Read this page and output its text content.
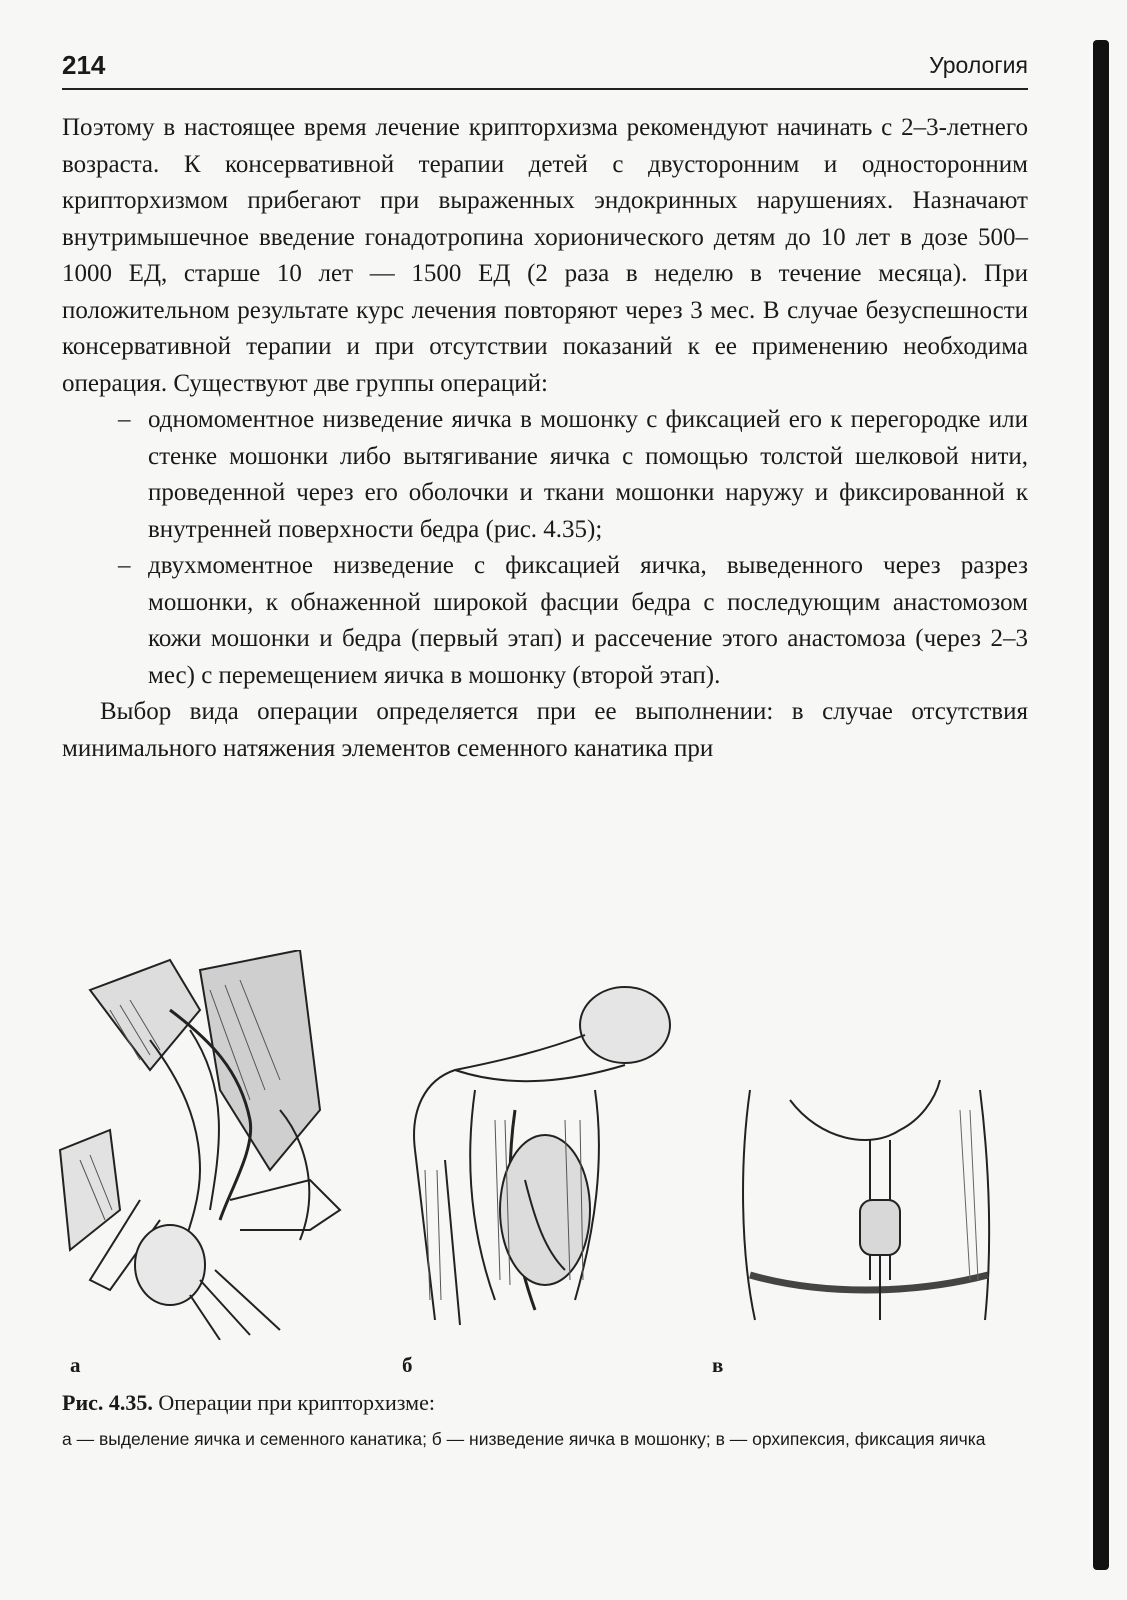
214	Урология

Поэтому в настоящее время лечение крипторхизма рекомендуют начинать с 2–3-летнего возраста. К консервативной терапии детей с двусторонним и односторонним крипторхизмом прибегают при выраженных эндокринных нарушениях. Назначают внутримышечное введение гонадотропина хорионического детям до 10 лет в дозе 500–1000 ЕД, старше 10 лет — 1500 ЕД (2 раза в неделю в течение месяца). При положительном результате курс лечения повторяют через 3 мес. В случае безуспешности консервативной терапии и при отсутствии показаний к ее применению необходима операция. Существуют две группы операций:

– одномоментное низведение яичка в мошонку с фиксацией его к перегородке или стенке мошонки либо вытягивание яичка с помощью толстой шелковой нити, проведенной через его оболочки и ткани мошонки наружу и фиксированной к внутренней поверхности бедра (рис. 4.35);
– двухмоментное низведение с фиксацией яичка, выведенного через разрез мошонки, к обнаженной широкой фасции бедра с последующим анастомозом кожи мошонки и бедра (первый этап) и рассечение этого анастомоза (через 2–3 мес) с перемещением яичка в мошонку (второй этап).

Выбор вида операции определяется при ее выполнении: в случае отсутствия минимального натяжения элементов семенного канатика при

а	б	в
Рис. 4.35. Операции при крипторхизме:
а — выделение яичка и семенного канатика; б — низведение яичка в мошонку; в — орхипексия, фиксация яичка
